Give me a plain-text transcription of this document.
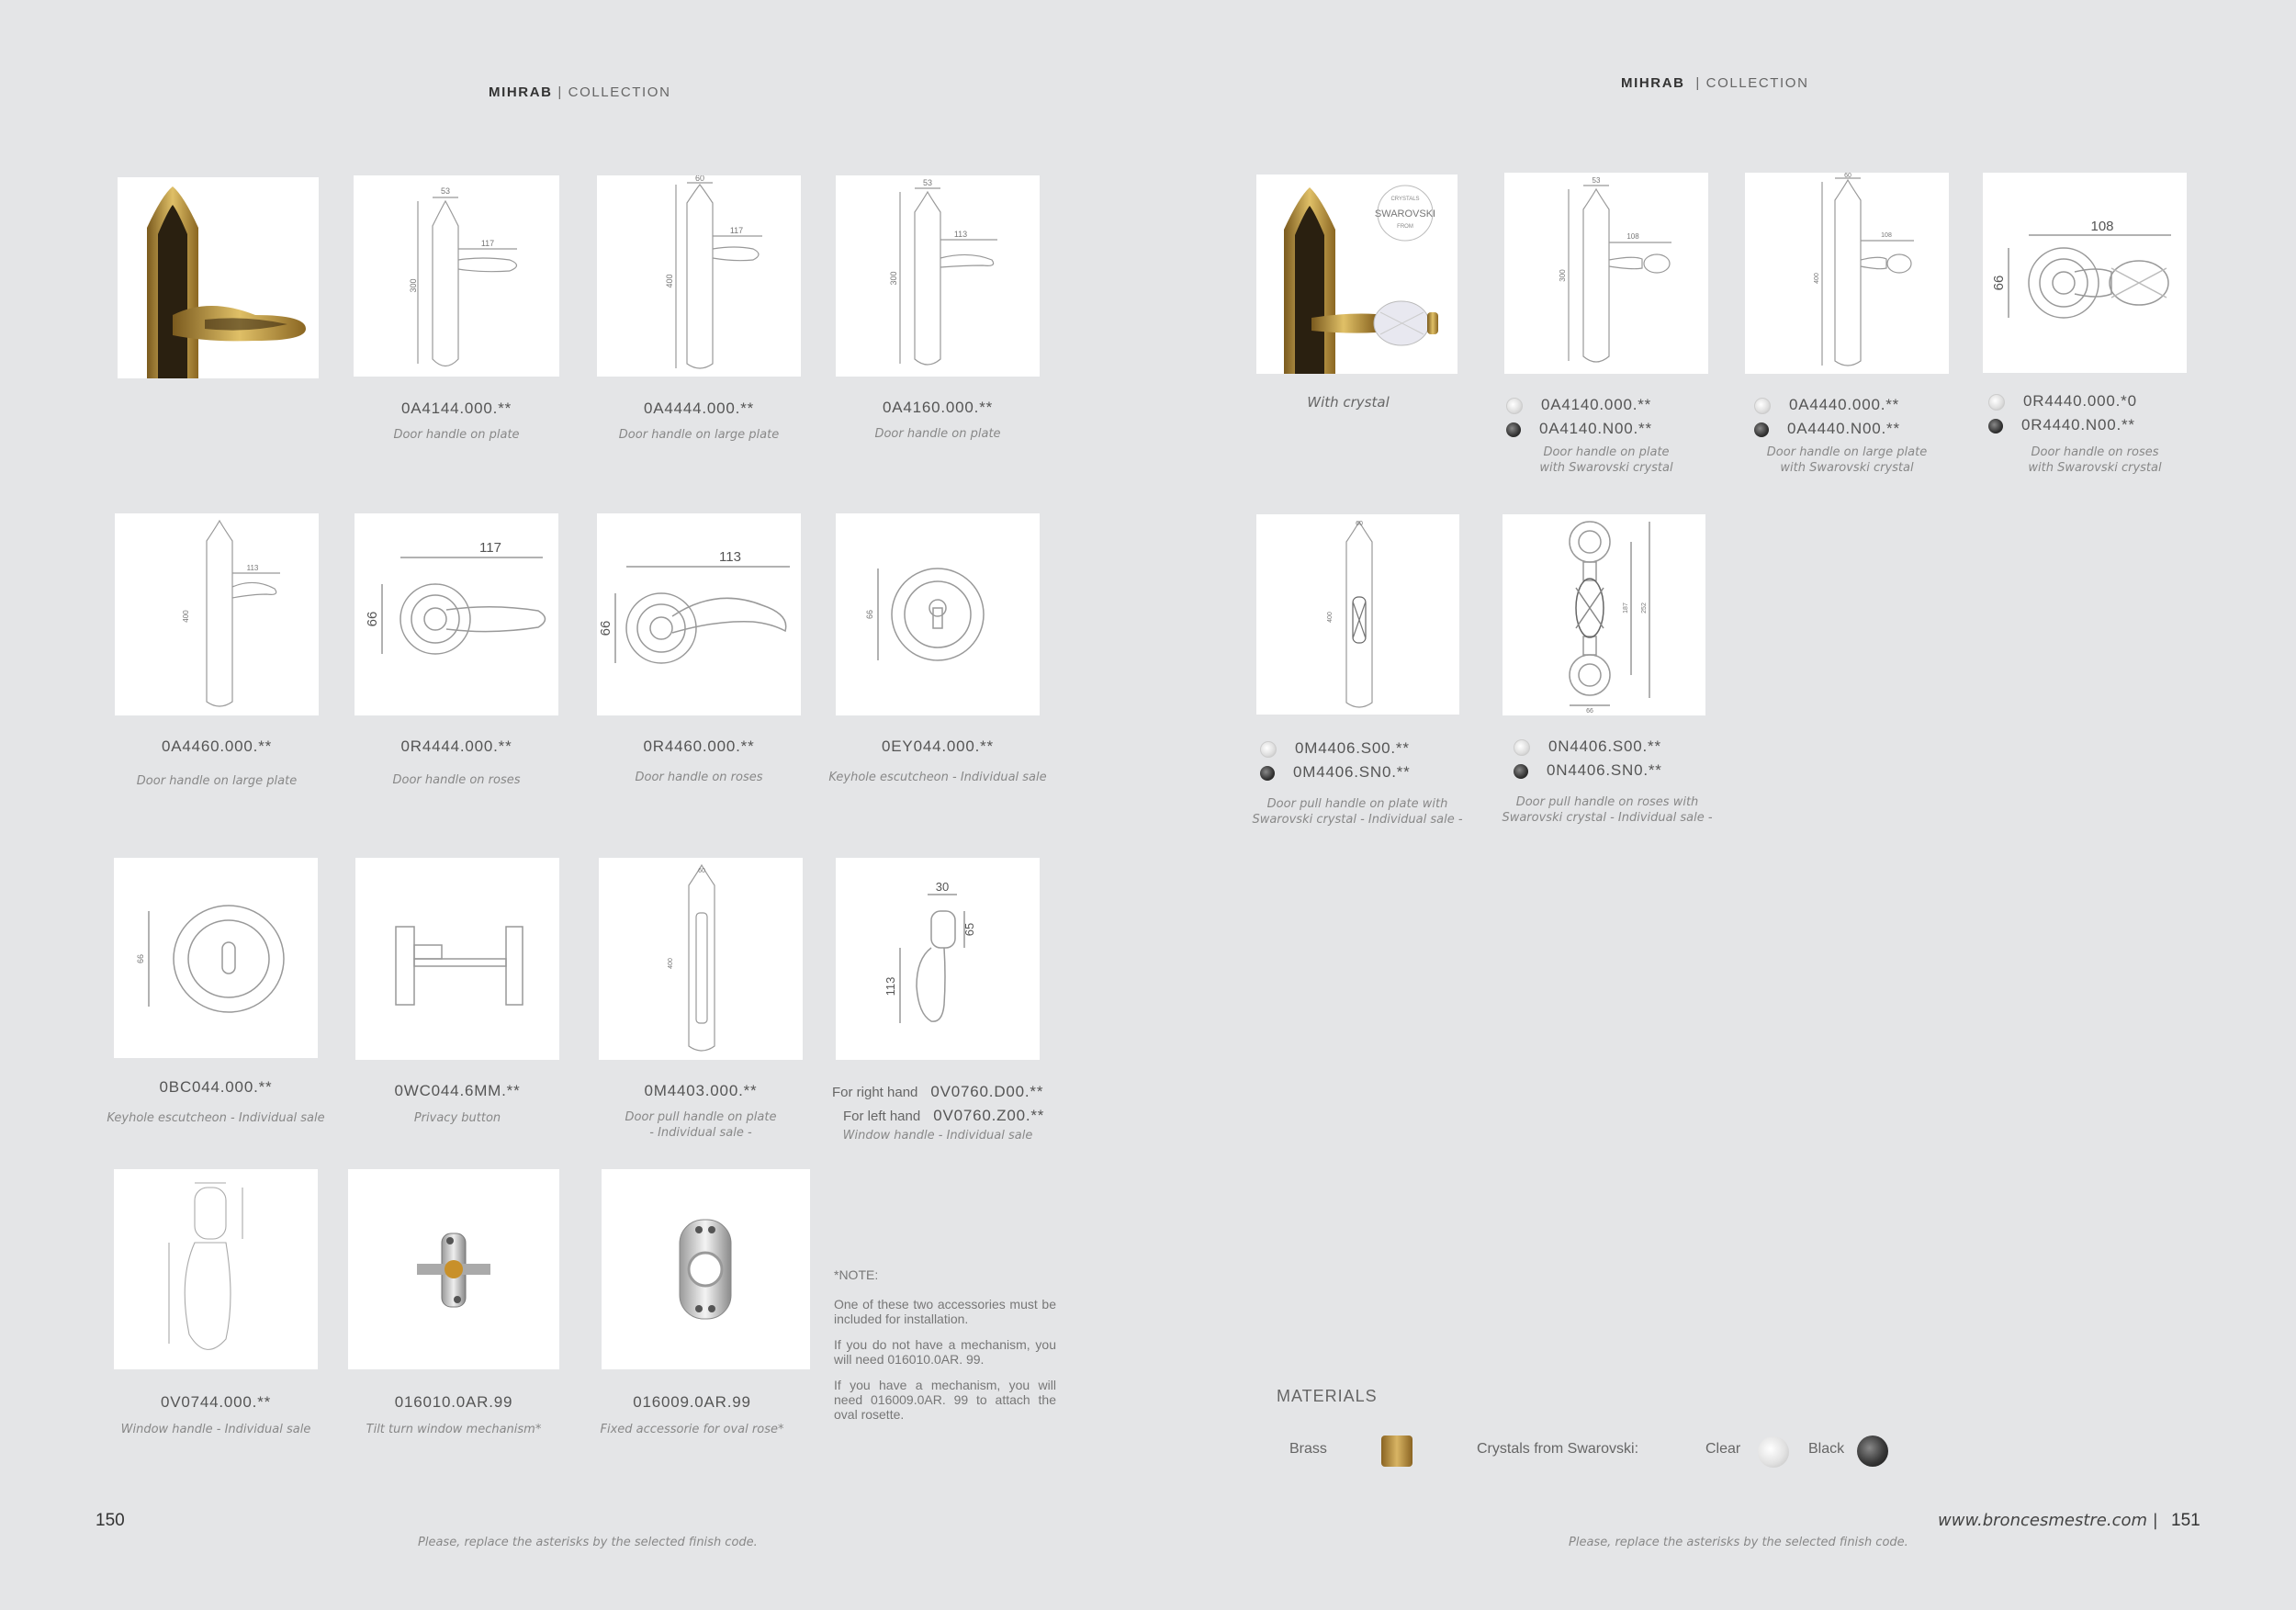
MIHRAB | COLLECTION
53
117
300
60
117
400
53
113
300
0A4144.000.**
Door handle on plate
0A4444.000.**
Door handle on large plate
0A4160.000.**
Door handle on plate
113
400
117
66
113
66
66
0A4460.000.**
Door handle on large plate
0R4444.000.**
Door handle on roses
0R4460.000.**
Door handle on roses
0EY044.000.**
Keyhole escutcheon - Individual sale
66
60
400
30
65
113
0BC044.000.**
Keyhole escutcheon - Individual sale
0WC044.6MM.**
Privacy button
0M4403.000.**
Door pull handle on plate
- Individual sale -
For right hand 0V0760.D00.**
For left hand 0V0760.Z00.**
Window handle - Individual sale
0V0744.000.**
Window handle - Individual sale
016010.0AR.99
Tilt turn window mechanism*
016009.0AR.99
Fixed accessorie for oval rose*

*NOTE:

One of these two accessories must be included for installation.

If you do not have a mechanism, you will need 016010.0AR. 99.

If you have a mechanism, you will need 016009.0AR. 99 to attach the oval rosette.

150
Please, replace the asterisks by the selected finish code.
MIHRAB | COLLECTION
CRYSTALS
SWAROVSKI
FROM
53
108
300
60
108
400
108
66
With crystal	0A4140.000.**
0A4140.N00.**
Door handle on plate
with Swarovski crystal
0A4440.000.**
0A4440.N00.**
Door handle on large plate
with Swarovski crystal
0R4440.000.*0
0R4440.N00.**
Door handle on roses
with Swarovski crystal
60
400
187 252
66
0M4406.S00.**
0M4406.SN0.**
Door pull handle on plate with
Swarovski crystal - Individual sale -
0N4406.S00.**
0N4406.SN0.**
Door pull handle on roses with
Swarovski crystal - Individual sale -
MATERIALS
Brass	Crystals from Swarovski:	Clear	Black
www.broncesmestre.com | 151
Please, replace the asterisks by the selected finish code.
